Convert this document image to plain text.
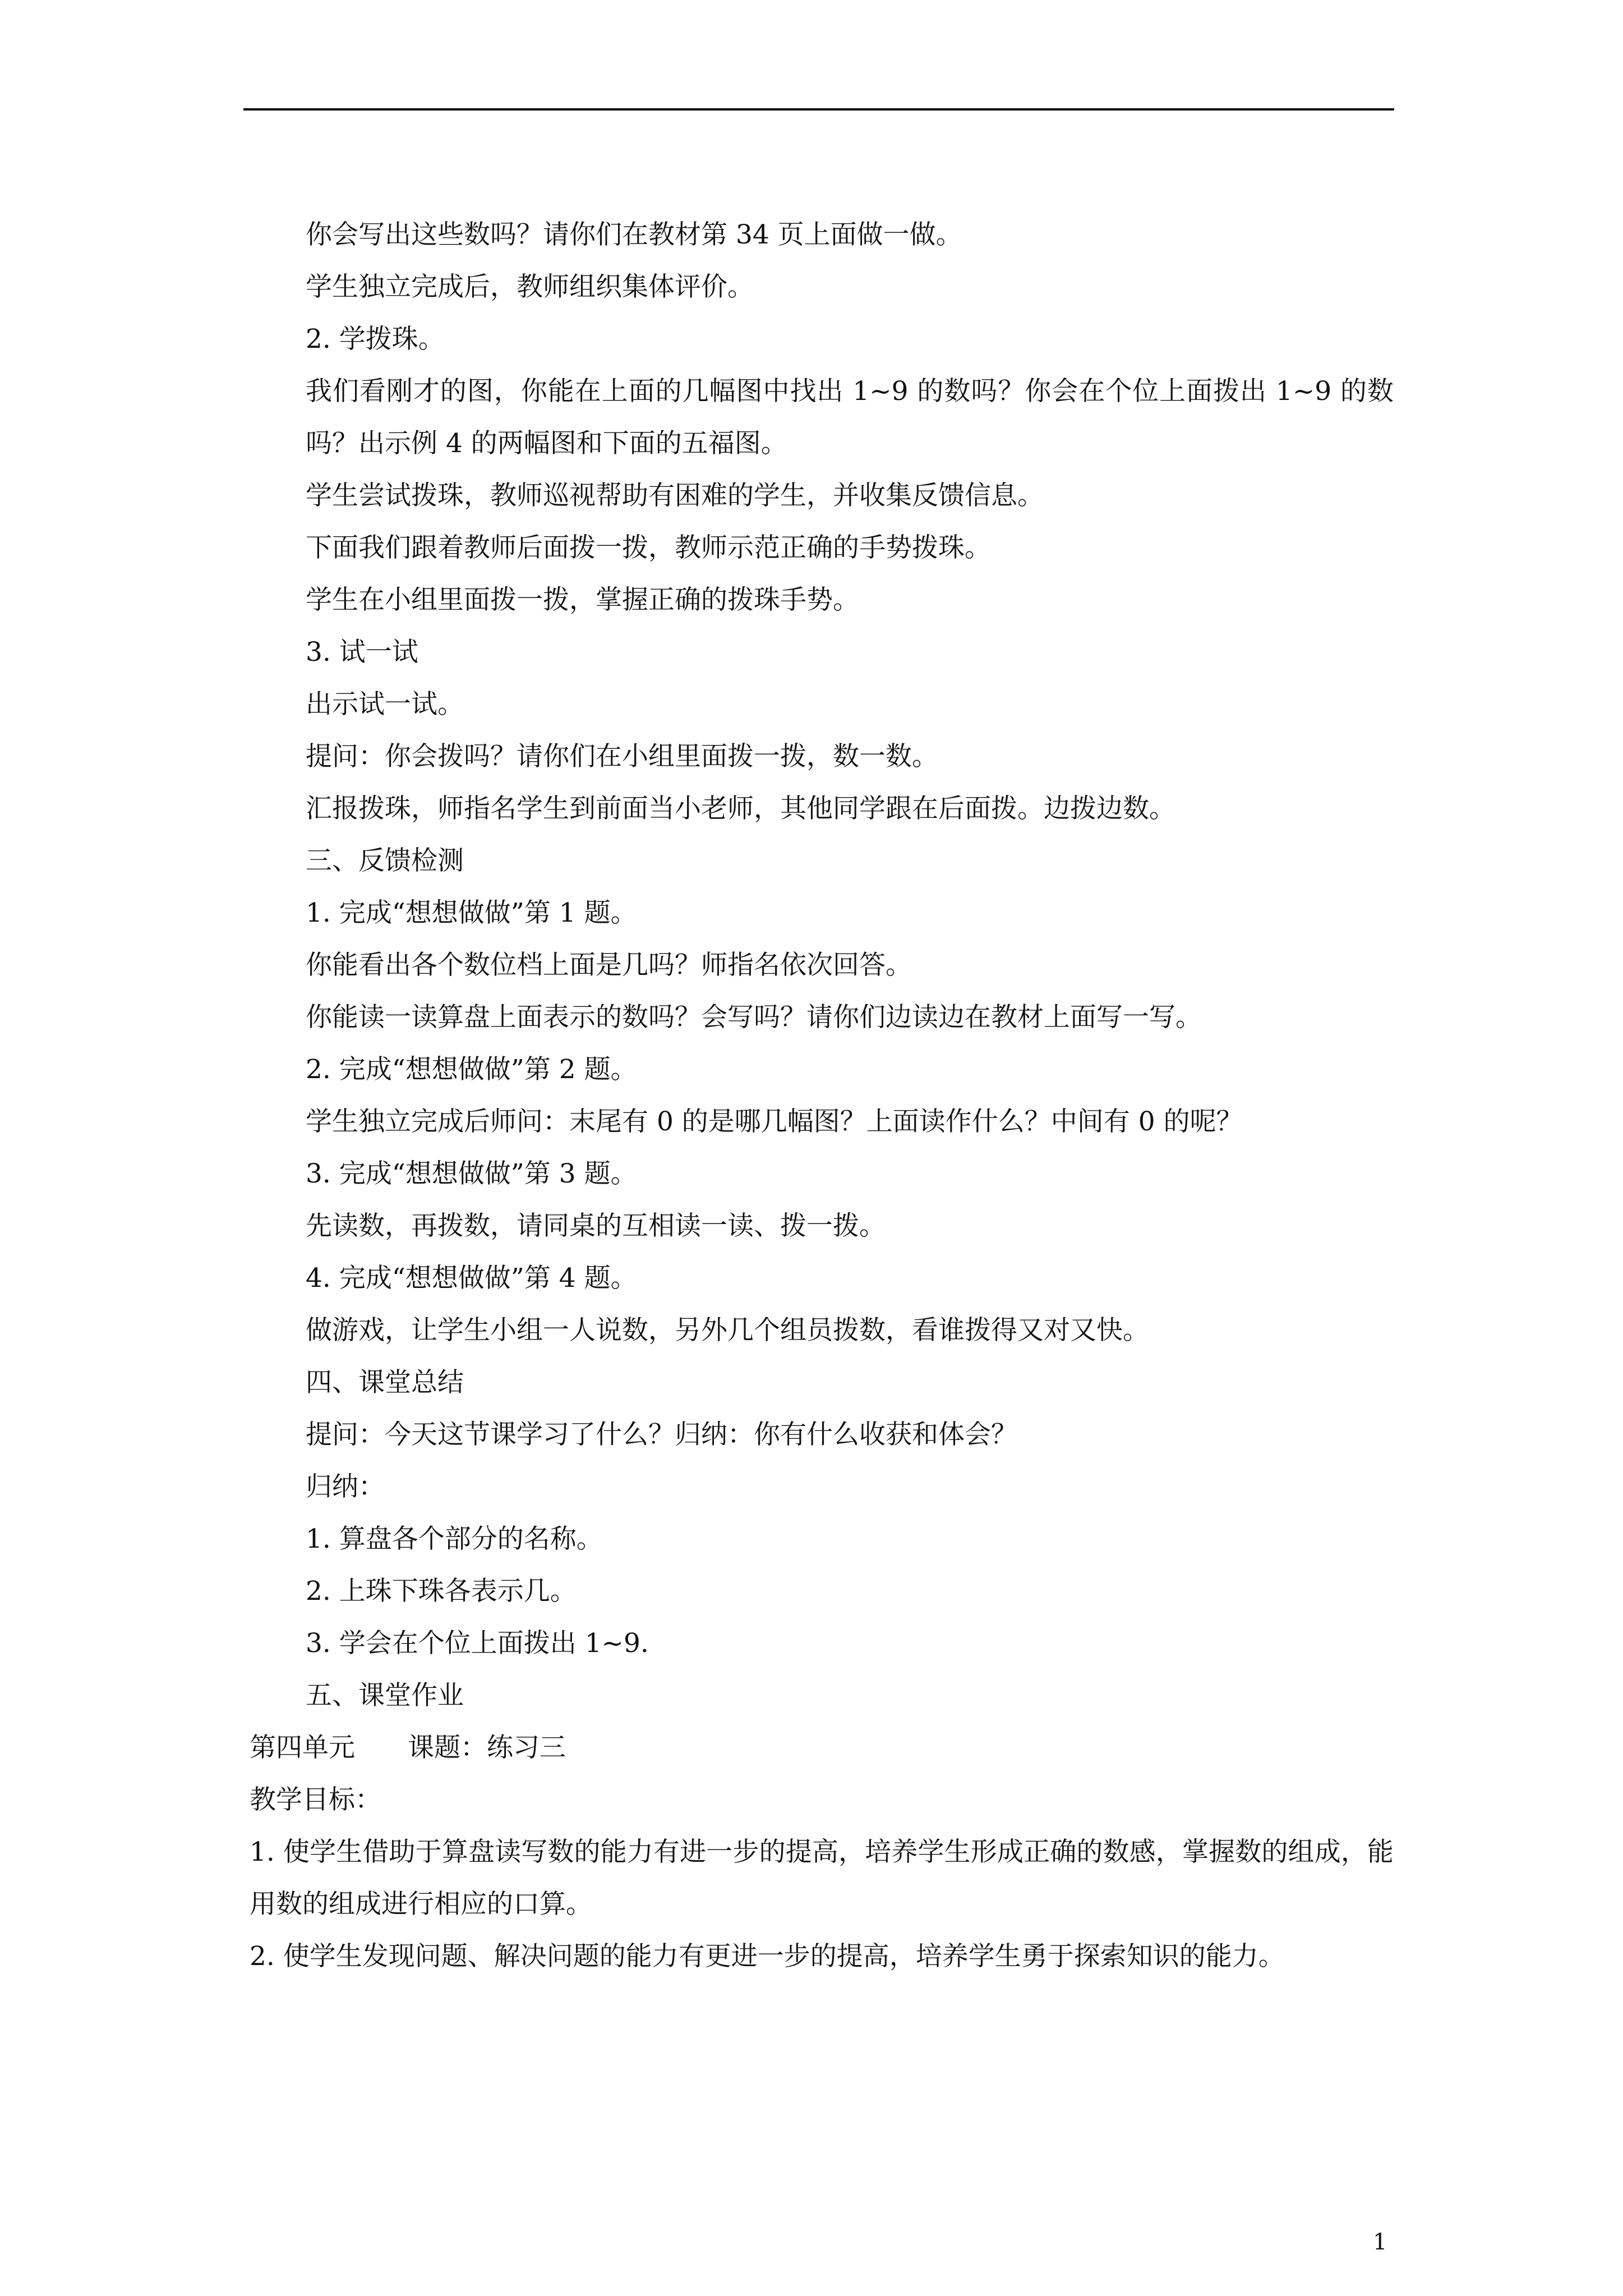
你会写出这些数吗？请你们在教材第 34 页上面做一做。
学生独立完成后，教师组织集体评价。
2. 学拨珠。
我们看刚才的图，你能在上面的几幅图中找出 1~9 的数吗？你会在个位上面拨出 1~9 的数吗？出示例 4 的两幅图和下面的五福图。
学生尝试拨珠，教师巡视帮助有困难的学生，并收集反馈信息。
下面我们跟着教师后面拨一拨，教师示范正确的手势拨珠。
学生在小组里面拨一拨，掌握正确的拨珠手势。
3. 试一试
出示试一试。
提问：你会拨吗？请你们在小组里面拨一拨，数一数。
汇报拨珠，师指名学生到前面当小老师，其他同学跟在后面拨。边拨边数。
三、反馈检测
1. 完成“想想做做”第 1 题。
你能看出各个数位档上面是几吗？师指名依次回答。
你能读一读算盘上面表示的数吗？会写吗？请你们边读边在教材上面写一写。
2. 完成“想想做做”第 2 题。
学生独立完成后师问：末尾有 0 的是哪几幅图？上面读作什么？中间有 0 的呢？
3. 完成“想想做做”第 3 题。
先读数，再拨数，请同桌的互相读一读、拨一拨。
4. 完成“想想做做”第 4 题。
做游戏，让学生小组一人说数，另外几个组员拨数，看谁拨得又对又快。
四、课堂总结
提问：今天这节课学习了什么？归纳：你有什么收获和体会？
归纳：
1. 算盘各个部分的名称。
2. 上珠下珠各表示几。
3. 学会在个位上面拨出 1~9.
五、课堂作业
第四单元　　课题：练习三
教学目标：
1. 使学生借助于算盘读写数的能力有进一步的提高，培养学生形成正确的数感，掌握数的组成，能用数的组成进行相应的口算。
2. 使学生发现问题、解决问题的能力有更进一步的提高，培养学生勇于探索知识的能力。
1
